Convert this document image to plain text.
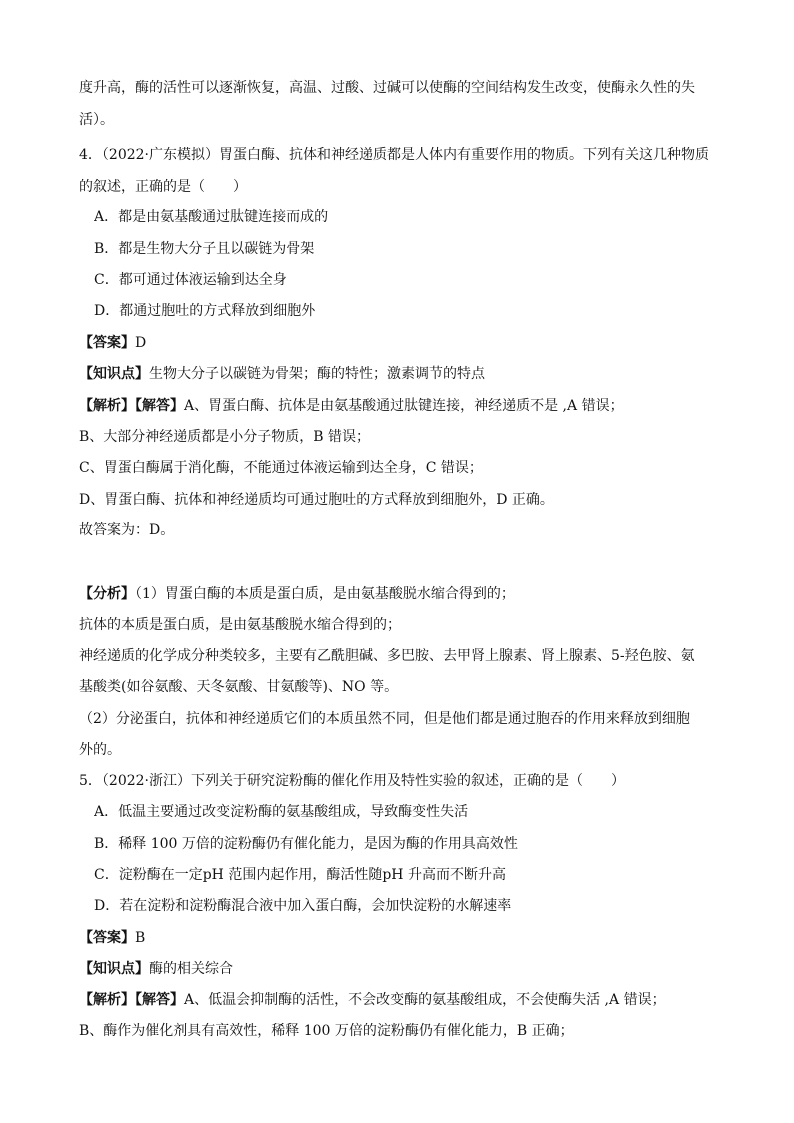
度升高，酶的活性可以逐渐恢复，高温、过酸、过碱可以使酶的空间结构发生改变，使酶永久性的失
活）。
4．（2022·广东模拟）胃蛋白酶、抗体和神经递质都是人体内有重要作用的物质。下列有关这几种物质
的叙述，正确的是（　　）
A．都是由氨基酸通过肽键连接而成的
B．都是生物大分子且以碳链为骨架
C．都可通过体液运输到达全身
D．都通过胞吐的方式释放到细胞外
【答案】D
【知识点】生物大分子以碳链为骨架；酶的特性；激素调节的特点
【解析】【解答】A、胃蛋白酶、抗体是由氨基酸通过肽键连接，神经递质不是 ,A 错误；
B、大部分神经递质都是小分子物质，B 错误；
C、胃蛋白酶属于消化酶，不能通过体液运输到达全身，C 错误；
D、胃蛋白酶、抗体和神经递质均可通过胞吐的方式释放到细胞外，D 正确。
故答案为：D。
【分析】（1）胃蛋白酶的本质是蛋白质，是由氨基酸脱水缩合得到的；
抗体的本质是蛋白质，是由氨基酸脱水缩合得到的；
神经递质的化学成分种类较多，主要有乙酰胆碱、多巴胺、去甲肾上腺素、肾上腺素、5-羟色胺、氨
基酸类(如谷氨酸、天冬氨酸、甘氨酸等)、NO 等。
（2）分泌蛋白，抗体和神经递质它们的本质虽然不同，但是他们都是通过胞吞的作用来释放到细胞
外的。
5．（2022·浙江）下列关于研究淀粉酶的催化作用及特性实验的叙述，正确的是（　　）
A．低温主要通过改变淀粉酶的氨基酸组成，导致酶变性失活
B．稀释 100 万倍的淀粉酶仍有催化能力，是因为酶的作用具高效性
C．淀粉酶在一定pH 范围内起作用，酶活性随pH 升高而不断升高
D．若在淀粉和淀粉酶混合液中加入蛋白酶，会加快淀粉的水解速率
【答案】B
【知识点】酶的相关综合
【解析】【解答】A、低温会抑制酶的活性，不会改变酶的氨基酸组成，不会使酶失活 ,A 错误；
B、酶作为催化剂具有高效性，稀释 100 万倍的淀粉酶仍有催化能力，B 正确；
